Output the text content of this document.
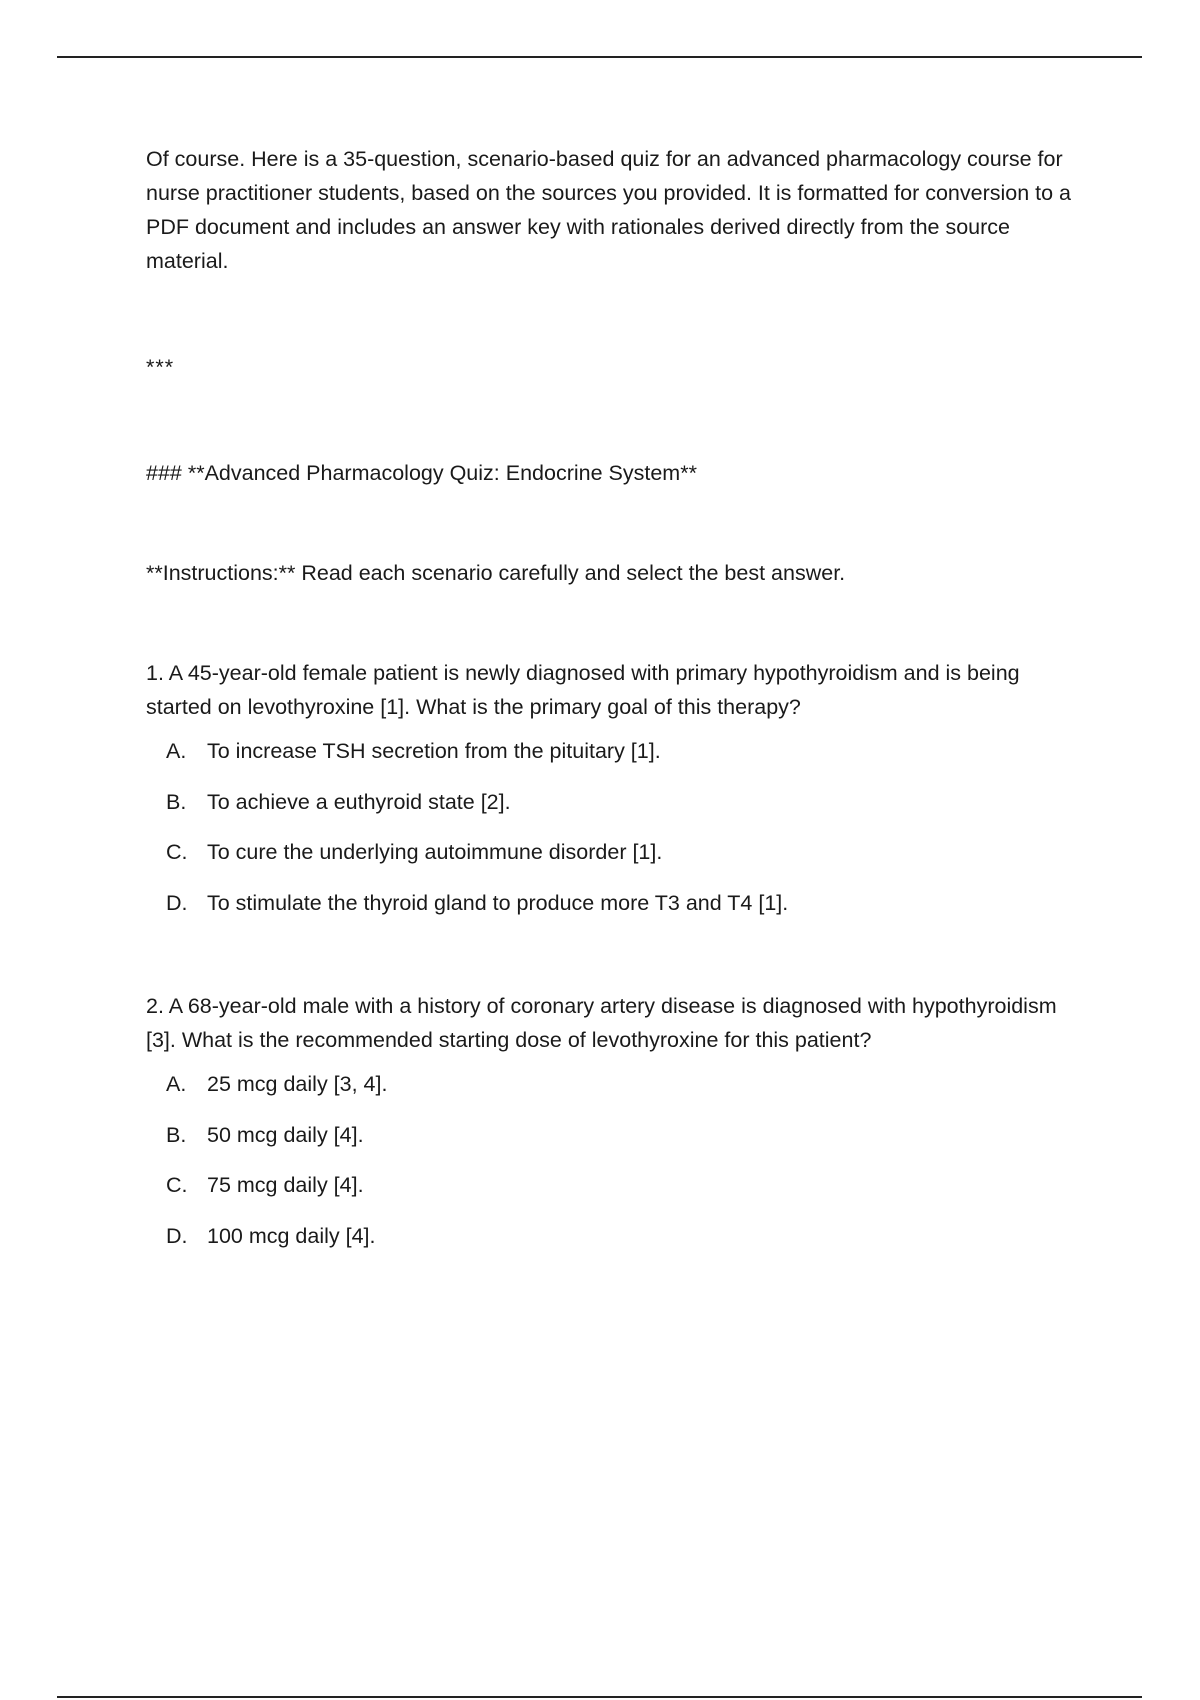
Of course. Here is a 35-question, scenario-based quiz for an advanced pharmacology course for nurse practitioner students, based on the sources you provided. It is formatted for conversion to a PDF document and includes an answer key with rationales derived directly from the source material.

***

### **Advanced Pharmacology Quiz: Endocrine System**

**Instructions:** Read each scenario carefully and select the best answer.

1. A 45-year-old female patient is newly diagnosed with primary hypothyroidism and is being started on levothyroxine [1]. What is the primary goal of this therapy?

A. To increase TSH secretion from the pituitary [1].
B. To achieve a euthyroid state [2].
C. To cure the underlying autoimmune disorder [1].
D. To stimulate the thyroid gland to produce more T3 and T4 [1].

2. A 68-year-old male with a history of coronary artery disease is diagnosed with hypothyroidism [3]. What is the recommended starting dose of levothyroxine for this patient?

A. 25 mcg daily [3, 4].
B. 50 mcg daily [4].
C. 75 mcg daily [4].
D. 100 mcg daily [4].
